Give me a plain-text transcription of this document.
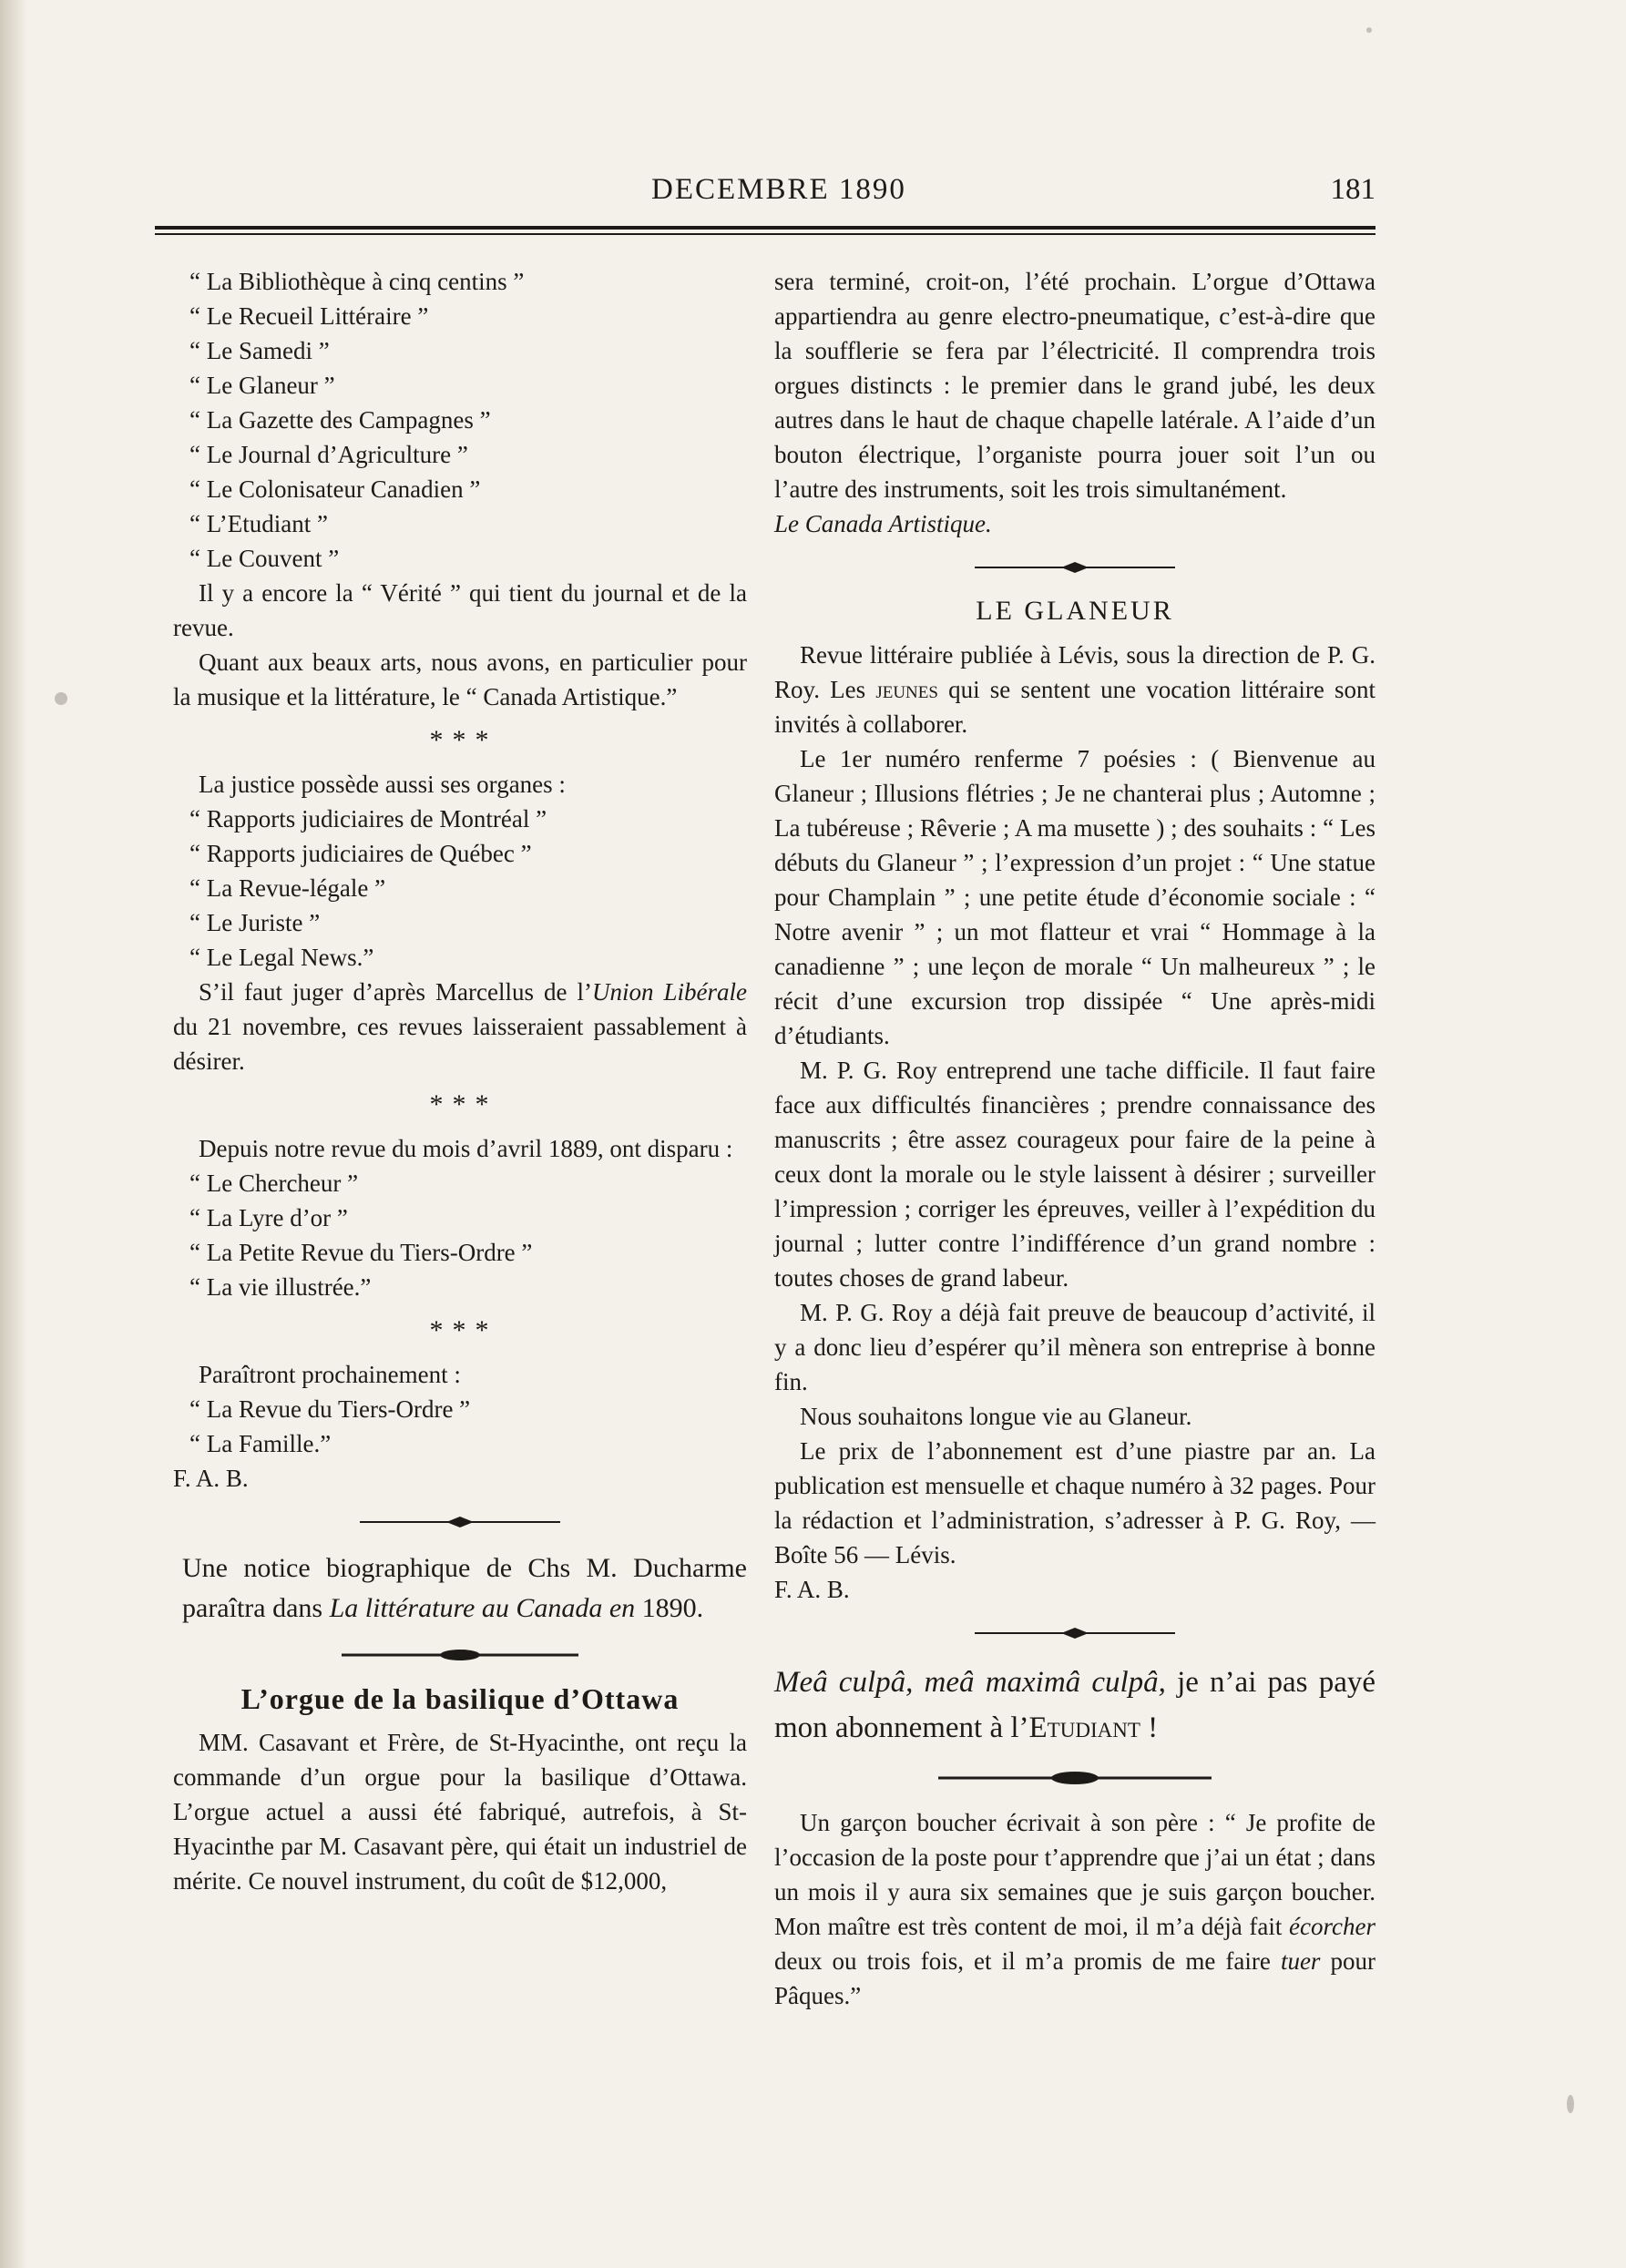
DECEMBRE 1890	181

“ La Bibliothèque à cinq centins ”

“ Le Recueil Littéraire ”

“ Le Samedi ”

“ Le Glaneur ”

“ La Gazette des Campagnes ”

“ Le Journal d’Agriculture ”

“ Le Colonisateur Canadien ”

“ L’Etudiant ”

“ Le Couvent ”

Il y a encore la “ Vérité ” qui tient du journal et de la revue.

Quant aux beaux arts, nous avons, en particulier pour la musique et la littérature, le “ Canada Artistique.”

* * *

La justice possède aussi ses organes :

“ Rapports judiciaires de Montréal ”

“ Rapports judiciaires de Québec ”

“ La Revue-légale ”

“ Le Juriste ”

“ Le Legal News.”

S’il faut juger d’après Marcellus de l’Union Libérale du 21 novembre, ces revues laisseraient passablement à désirer.

* * *

Depuis notre revue du mois d’avril 1889, ont disparu :

“ Le Chercheur ”

“ La Lyre d’or ”

“ La Petite Revue du Tiers-Ordre ”

“ La vie illustrée.”

* * *

Paraîtront prochainement :

“ La Revue du Tiers-Ordre ”

“ La Famille.”

F. A. B.

Une notice biographique de Chs M. Ducharme paraîtra dans La littérature au Canada en 1890.

L’orgue de la basilique d’Ottawa

MM. Casavant et Frère, de St-Hyacinthe, ont reçu la commande d’un orgue pour la basilique d’Ottawa. L’orgue actuel a aussi été fabriqué, autrefois, à St-Hyacinthe par M. Casavant père, qui était un industriel de mérite. Ce nouvel instrument, du coût de $12,000,

sera terminé, croit-on, l’été prochain. L’orgue d’Ottawa appartiendra au genre electro-pneumatique, c’est-à-dire que la soufflerie se fera par l’électricité. Il comprendra trois orgues distincts : le premier dans le grand jubé, les deux autres dans le haut de chaque chapelle latérale. A l’aide d’un bouton électrique, l’organiste pourra jouer soit l’un ou l’autre des instruments, soit les trois simultanément.

Le Canada Artistique.

LE GLANEUR

Revue littéraire publiée à Lévis, sous la direction de P. G. Roy. Les jeunes qui se sentent une vocation littéraire sont invités à collaborer.

Le 1er numéro renferme 7 poésies : ( Bienvenue au Glaneur ; Illusions flétries ; Je ne chanterai plus ; Automne ; La tubéreuse ; Rêverie ; A ma musette ) ; des souhaits : “ Les débuts du Glaneur ” ; l’expression d’un projet : “ Une statue pour Champlain ” ; une petite étude d’économie sociale : “ Notre avenir ” ; un mot flatteur et vrai “ Hommage à la canadienne ” ; une leçon de morale “ Un malheureux ” ; le récit d’une excursion trop dissipée “ Une après-midi d’étudiants.

M. P. G. Roy entreprend une tache difficile. Il faut faire face aux difficultés financières ; prendre connaissance des manuscrits ; être assez courageux pour faire de la peine à ceux dont la morale ou le style laissent à désirer ; surveiller l’impression ; corriger les épreuves, veiller à l’expédition du journal ; lutter contre l’indifférence d’un grand nombre : toutes choses de grand labeur.

M. P. G. Roy a déjà fait preuve de beaucoup d’activité, il y a donc lieu d’espérer qu’il mènera son entreprise à bonne fin.

Nous souhaitons longue vie au Glaneur.

Le prix de l’abonnement est d’une piastre par an. La publication est mensuelle et chaque numéro à 32 pages. Pour la rédaction et l’administration, s’adresser à P. G. Roy, — Boîte 56 — Lévis.

F. A. B.

Meâ culpâ, meâ maximâ culpâ, je n’ai pas payé mon abonnement à l’Etudiant !

Un garçon boucher écrivait à son père : “ Je profite de l’occasion de la poste pour t’apprendre que j’ai un état ; dans un mois il y aura six semaines que je suis garçon boucher. Mon maître est très content de moi, il m’a déjà fait écorcher deux ou trois fois, et il m’a promis de me faire tuer pour Pâques.”
